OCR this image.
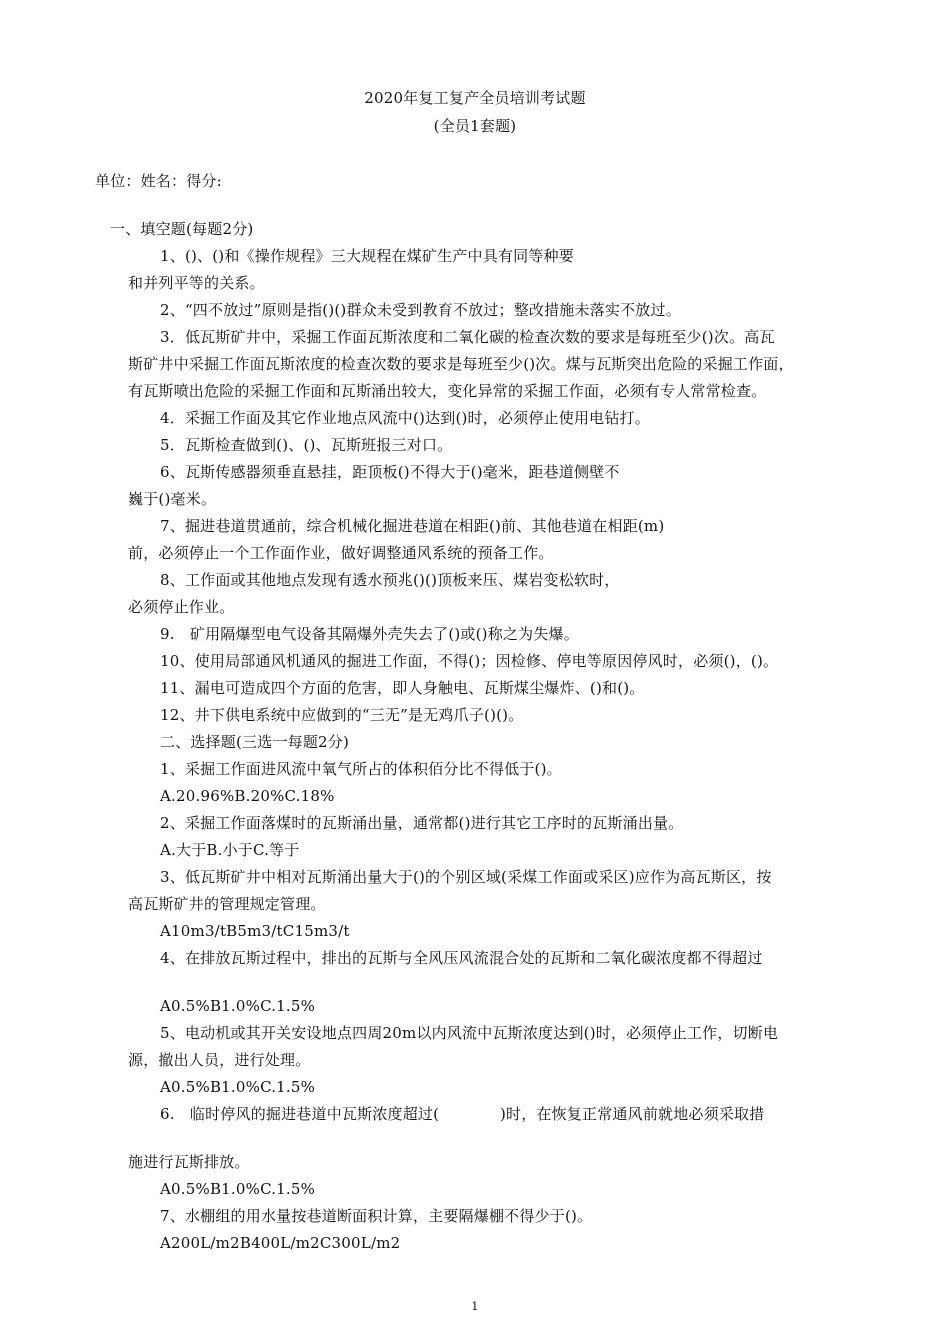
2020年复工复产全员培训考试题
(全员1套题)
单位：姓名：得分:
一、填空题(每题2分)
1、()、()和《操作规程》三大规程在煤矿生产中具有同等种要
和并列平等的关系。
2、“四不放过”原则是指()()群众未受到教育不放过；整改措施未落实不放过。
3．低瓦斯矿井中，采掘工作面瓦斯浓度和二氧化碳的检查次数的要求是每班至少()次。高瓦
斯矿井中采掘工作面瓦斯浓度的检查次数的要求是每班至少()次。煤与瓦斯突出危险的采掘工作面，
有瓦斯喷出危险的采掘工作面和瓦斯涌出较大，变化异常的采掘工作面，必须有专人常常检查。
4．采掘工作面及其它作业地点风流中()达到()时，必须停止使用电钻打。
5．瓦斯检查做到()、()、瓦斯班报三对口。
6、瓦斯传感器须垂直悬挂，距顶板()不得大于()毫米，距巷道侧壁不
巍于()毫米。
7、掘进巷道贯通前，综合机械化掘进巷道在相距()前、其他巷道在相距(m)
前，必须停止一个工作面作业，做好调整通风系统的预备工作。
8、工作面或其他地点发现有透水预兆()()顶板来压、煤岩变松软时，
必须停止作业。
9.　矿用隔爆型电气设备其隔爆外壳失去了()或()称之为失爆。
10、使用局部通风机通风的掘进工作面，不得()；因检修、停电等原因停风时，必须()，()。
11、漏电可造成四个方面的危害，即人身触电、瓦斯煤尘爆炸、()和()。
12、井下供电系统中应做到的“三无”是无鸡爪子()()。
二、选择题(三选一每题2分)
1、采掘工作面进风流中氧气所占的体积佰分比不得低于()。
A.20.96%B.20%C.18%
2、采掘工作面落煤时的瓦斯涌出量，通常都()进行其它工序时的瓦斯涌出量。
A.大于B.小于C.等于
3、低瓦斯矿井中相对瓦斯涌出量大于()的个别区域(采煤工作面或采区)应作为高瓦斯区，按
高瓦斯矿井的管理规定管理。
A10m3/tB5m3/tC15m3/t
4、在排放瓦斯过程中，排出的瓦斯与全风压风流混合处的瓦斯和二氧化碳浓度都不得超过
A0.5%B1.0%C.1.5%
5、电动机或其开关安设地点四周20m以内风流中瓦斯浓度达到()时，必须停止工作，切断电
源，撤出人员，进行处理。
A0.5%B1.0%C.1.5%
6.　临时停风的掘进巷道中瓦斯浓度超过(　　　　)时，在恢复正常通风前就地必须采取措
施进行瓦斯排放。
A0.5%B1.0%C.1.5%
7、水棚组的用水量按巷道断面积计算，主要隔爆棚不得少于()。
A200L/m2B400L/m2C300L/m2
1
